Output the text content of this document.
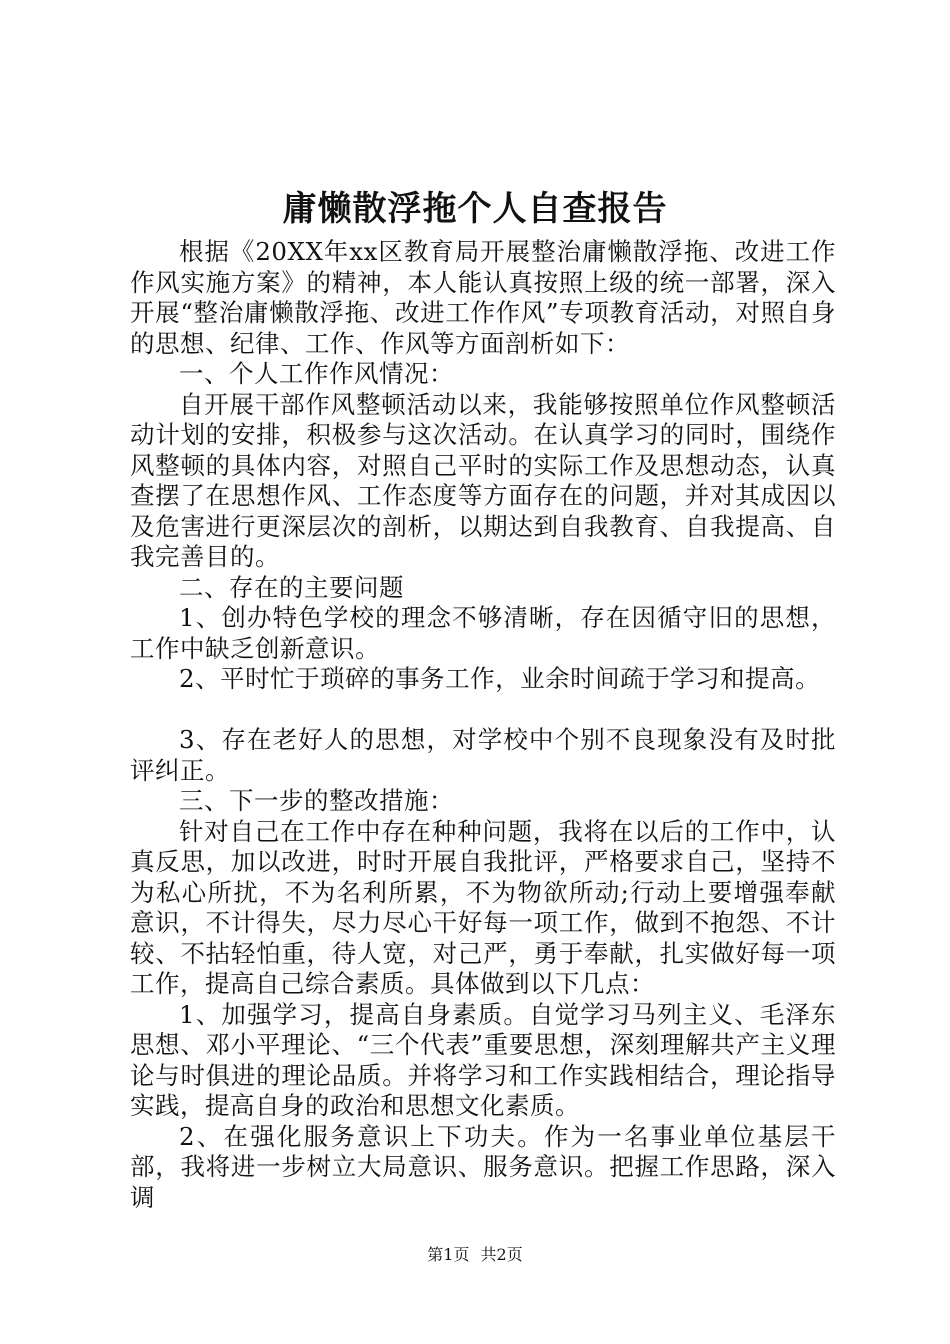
庸懒散浮拖个人自查报告

根据《20XX年xx区教育局开展整治庸懒散浮拖、改进工作作风实施方案》的精神，本人能认真按照上级的统一部署，深入开展“整治庸懒散浮拖、改进工作作风”专项教育活动，对照自身的思想、纪律、工作、作风等方面剖析如下：

一、个人工作作风情况：

自开展干部作风整顿活动以来，我能够按照单位作风整顿活动计划的安排，积极参与这次活动。在认真学习的同时，围绕作风整顿的具体内容，对照自己平时的实际工作及思想动态，认真查摆了在思想作风、工作态度等方面存在的问题，并对其成因以及危害进行更深层次的剖析，以期达到自我教育、自我提高、自我完善目的。

二、存在的主要问题

1、创办特色学校的理念不够清晰，存在因循守旧的思想，工作中缺乏创新意识。

2、平时忙于琐碎的事务工作，业余时间疏于学习和提高。

3、存在老好人的思想，对学校中个别不良现象没有及时批评纠正。

三、下一步的整改措施：

针对自己在工作中存在种种问题，我将在以后的工作中，认真反思，加以改进，时时开展自我批评，严格要求自己，坚持不为私心所扰，不为名利所累，不为物欲所动;行动上要增强奉献意识，不计得失，尽力尽心干好每一项工作，做到不抱怨、不计较、不拈轻怕重，待人宽，对己严，勇于奉献，扎实做好每一项工作，提高自己综合素质。具体做到以下几点：

1、加强学习，提高自身素质。自觉学习马列主义、毛泽东思想、邓小平理论、“三个代表”重要思想，深刻理解共产主义理论与时俱进的理论品质。并将学习和工作实践相结合，理论指导实践，提高自身的政治和思想文化素质。

2、在强化服务意识上下功夫。作为一名事业单位基层干部，我将进一步树立大局意识、服务意识。把握工作思路，深入调

第1页 共2页
